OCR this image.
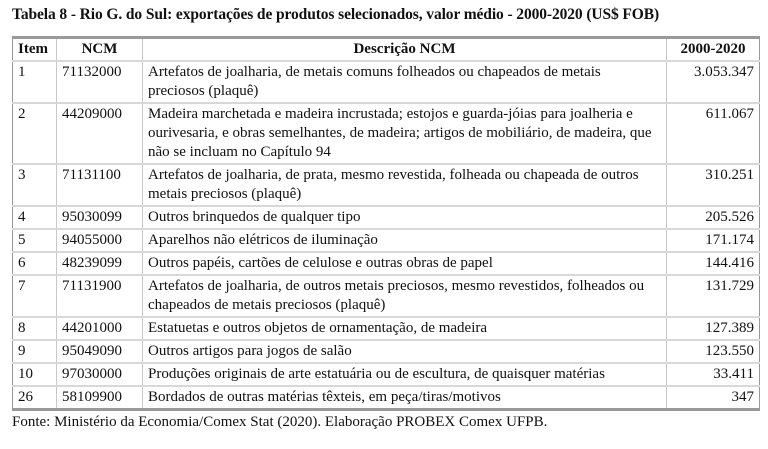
Tabela 8 - Rio G. do Sul: exportações de produtos selecionados, valor médio - 2000-2020 (US$ FOB)
Item	NCM	Descrição NCM	2000-2020
1	71132000	Artefatos de joalharia, de metais comuns folheados ou chapeados de metais preciosos (plaquê)	3.053.347
2	44209000	Madeira marchetada e madeira incrustada; estojos e guarda-jóias para joalheria e ourivesaria, e obras semelhantes, de madeira; artigos de mobiliário, de madeira, que não se incluam no Capítulo 94	611.067
3	71131100	Artefatos de joalharia, de prata, mesmo revestida, folheada ou chapeada de outros metais preciosos (plaquê)	310.251
4	95030099	Outros brinquedos de qualquer tipo	205.526
5	94055000	Aparelhos não elétricos de iluminação	171.174
6	48239099	Outros papéis, cartões de celulose e outras obras de papel	144.416
7	71131900	Artefatos de joalharia, de outros metais preciosos, mesmo revestidos, folheados ou chapeados de metais preciosos (plaquê)	131.729
8	44201000	Estatuetas e outros objetos de ornamentação, de madeira	127.389
9	95049090	Outros artigos para jogos de salão	123.550
10	97030000	Produções originais de arte estatuária ou de escultura, de quaisquer matérias	33.411
26	58109900	Bordados de outras matérias têxteis, em peça/tiras/motivos	347
Fonte: Ministério da Economia/Comex Stat (2020). Elaboração PROBEX Comex UFPB.
